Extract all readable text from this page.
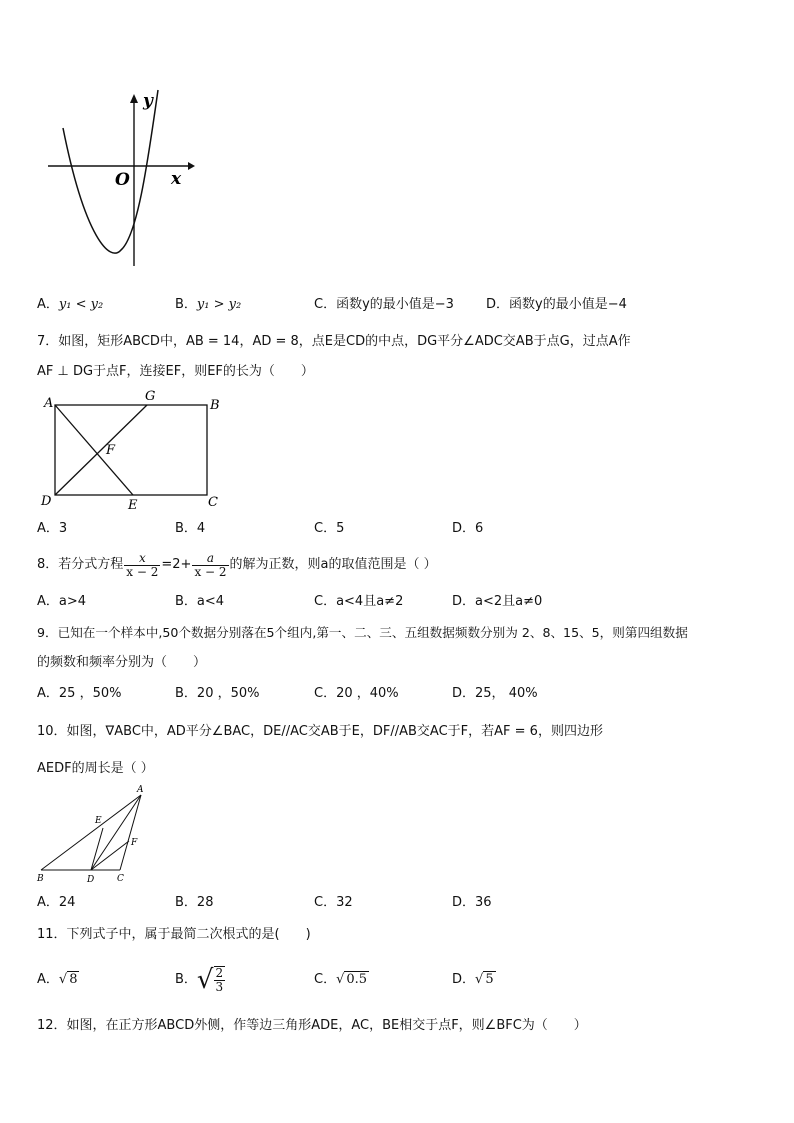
y
x
O
A．y₁ < y₂	B．y₁ > y₂	C．函数y的最小值是−3 D．函数y的最小值是−4
7．如图，矩形ABCD中，AB = 14，AD = 8，点E是CD的中点，DG平分∠ADC交AB于点G，过点A作
AF ⊥ DG于点F，连接EF，则EF的长为（　　）
A	G
B
F
D	E	C
A．3	B．4	C．5	D．6
8．若分式方程 $\frac{x}{x - 2} =2+ \frac{a}{x - 2}$ 的解为正数，则a的取值范围是（ ）
A．a>4	B．a<4	C．a<4且a≠2	D．a<2且a≠0
9．已知在一个样本中,50个数据分别落在5个组内,第一、二、三、五组数据频数分别为 2、8、15、5，则第四组数据
的频数和频率分别为（　　）
A．25 ，50%	B．20 ，50%	C．20 ，40%	D．25， 40%
10．如图，∇ABC中，AD平分∠BAC，DE//AC交AB于E，DF//AB交AC于F，若AF = 6，则四边形
AEDF的周长是（ ）
A
E
F
B	D	C
A．24	B．28	C．32	D．36
11．下列式子中，属于最简二次根式的是(　　)
A．√ 8	B． √ $\frac{2}{3}$	C．√ 0.5	D．√ 5
12．如图，在正方形ABCD外侧，作等边三角形ADE，AC，BE相交于点F，则∠BFC为（　　）
